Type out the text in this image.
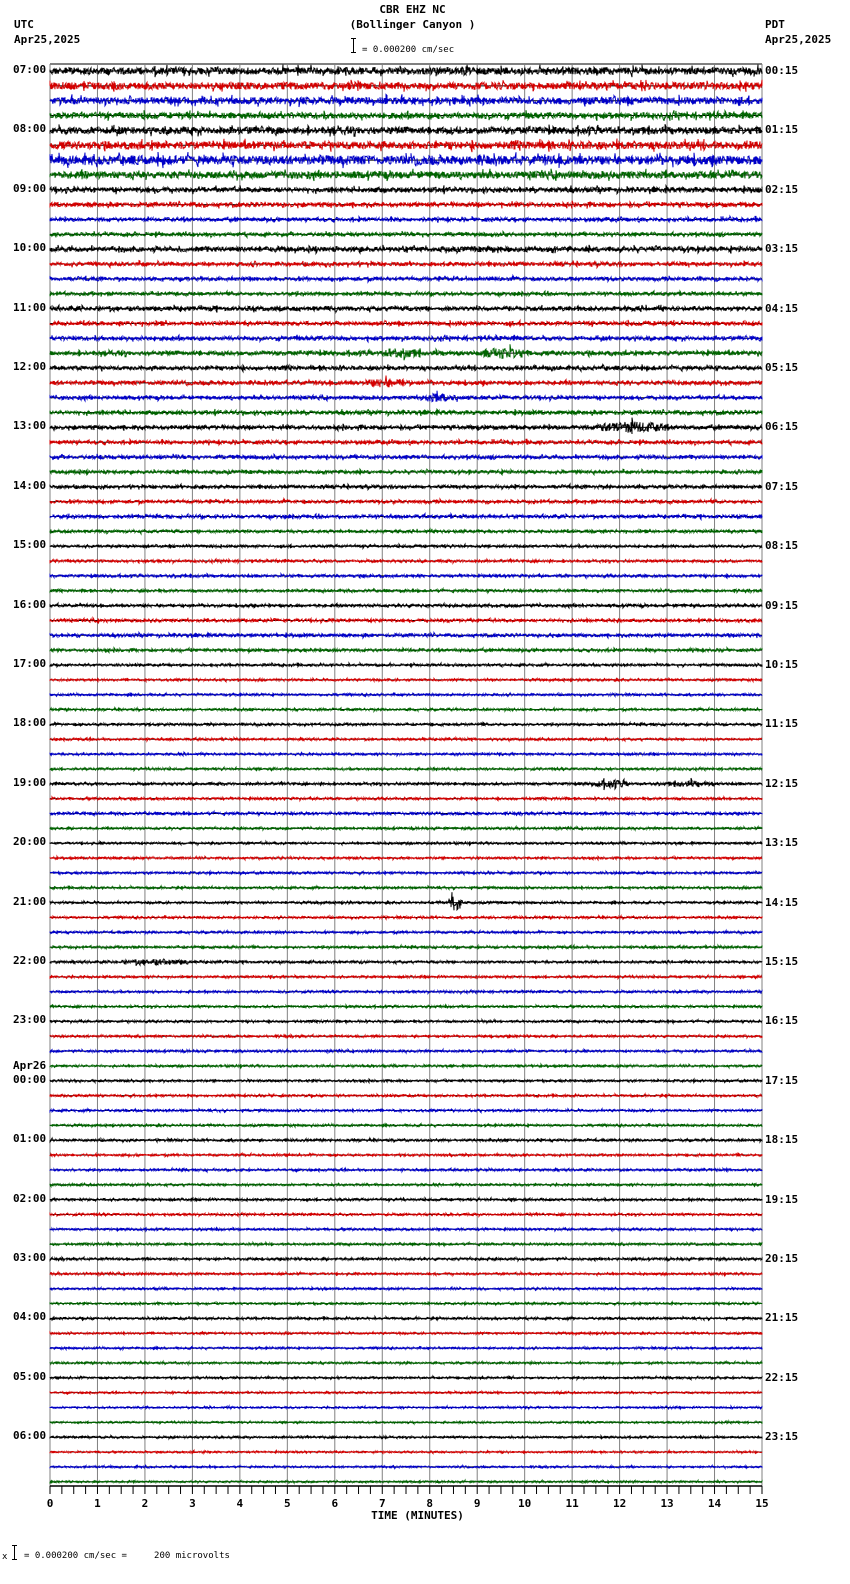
CBR EHZ NC
(Bollinger Canyon )
UTC
Apr25,2025
PDT
Apr25,2025
= 0.000200 cm/sec
0	1	2	3	4	5	6	7	8	9	10	11	12	13	14	15
07:00
08:00
09:00
10:00
11:00
12:00
13:00
14:00
15:00
16:00
17:00
18:00
19:00
20:00
21:00
22:00
23:00
00:00
Apr26
01:00
02:00
03:00
04:00
05:00
06:00
00:15
01:15
02:15
03:15
04:15
05:15
06:15
07:15
08:15
09:15
10:15
11:15
12:15
13:15
14:15
15:15
16:15
17:15
18:15
19:15
20:15
21:15
22:15
23:15
TIME (MINUTES)
x = 0.000200 cm/sec =     200 microvolts
